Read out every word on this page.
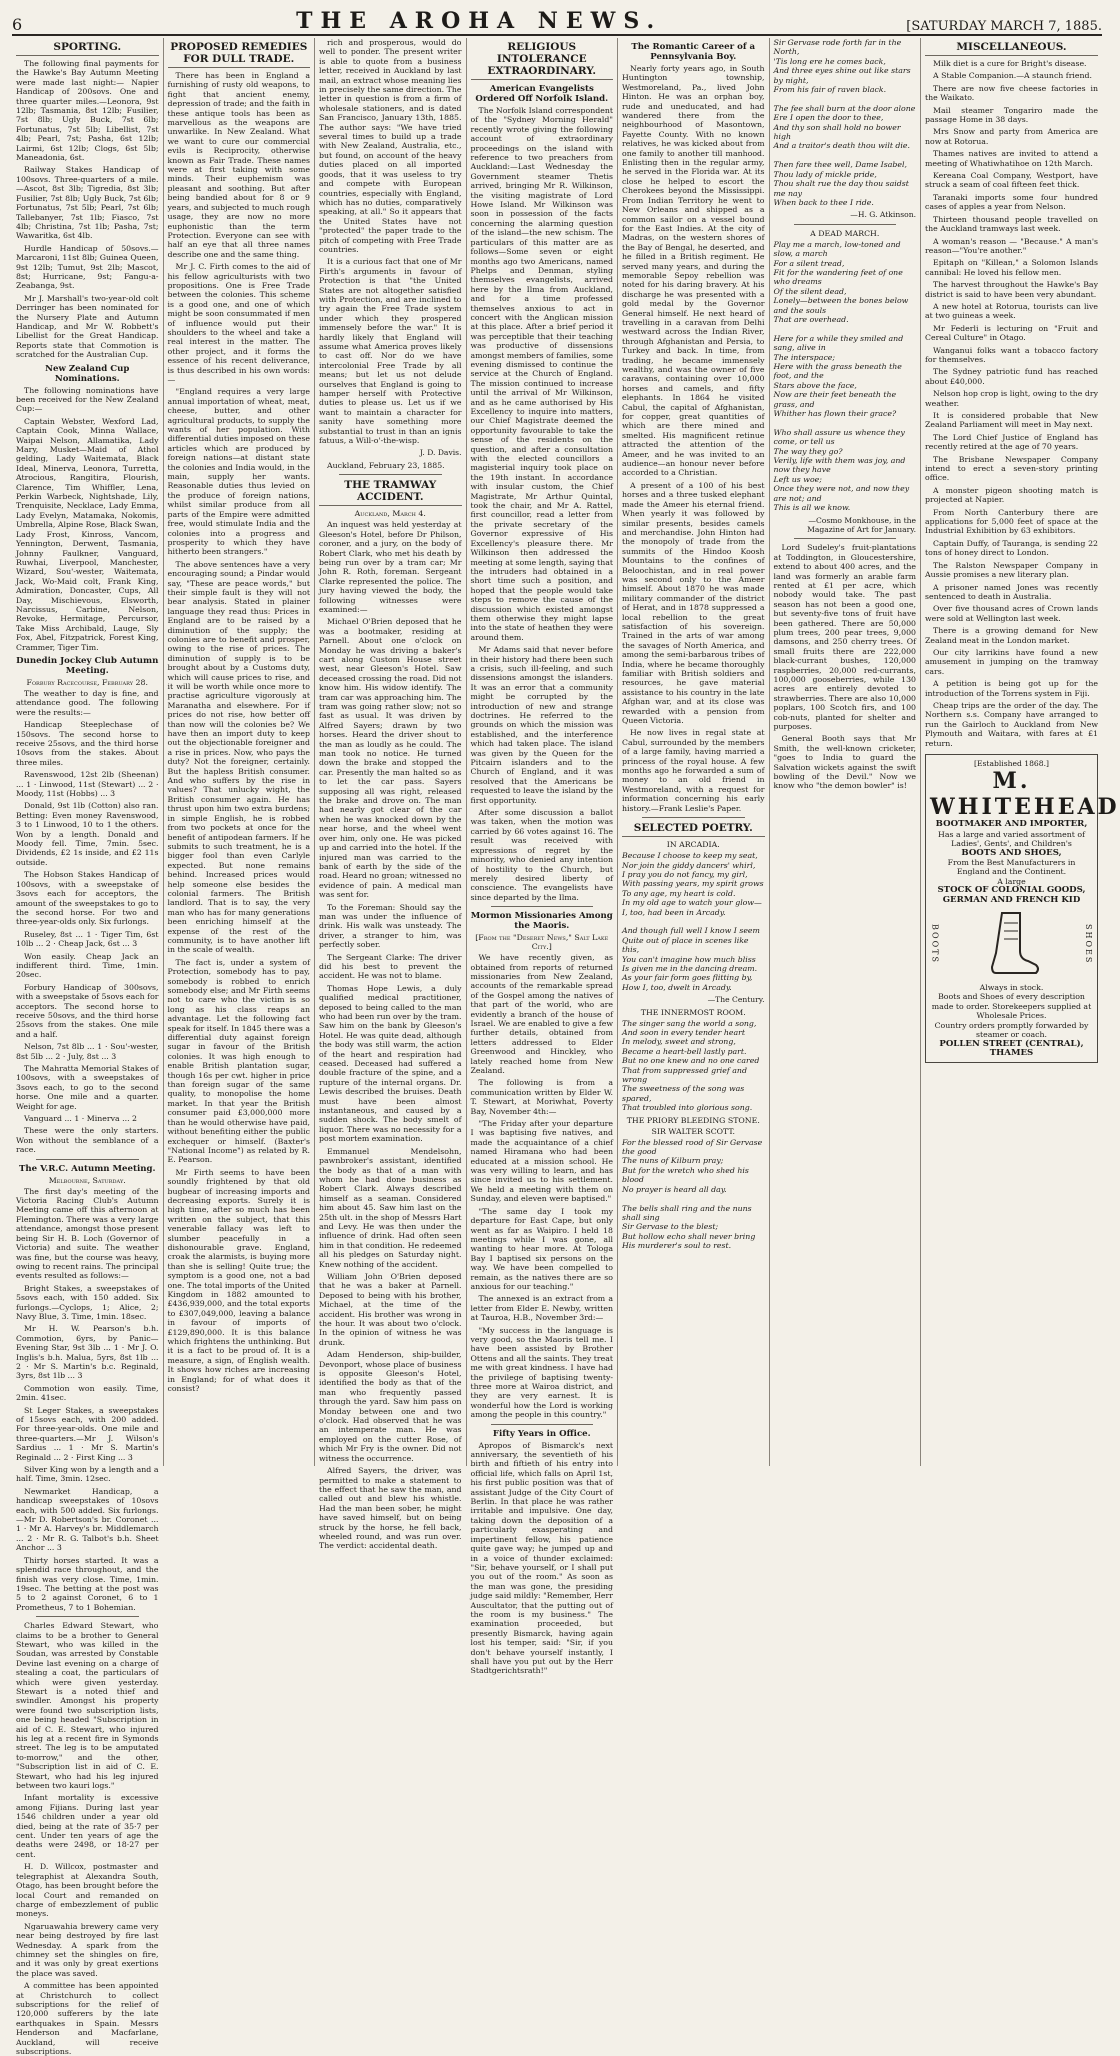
6	THE AROHA NEWS.	[SATURDAY MARCH 7, 1885.
SPORTING.

The following final payments for the Hawke's Bay Autumn Meeting were made last night:— Napier Handicap of 200sovs. One and three quarter miles.—Leonora, 9st 12lb; Tasmania, 8st 12lb; Fusilier, 7st 8lb; Ugly Buck, 7st 6lb; Fortunatus, 7st 5lb; Libellist, 7st 4lb; Pearl, 7st; Pasha, 6st 12lb; Lairmi, 6st 12lb; Clogs, 6st 5lb; Maneadonia, 6st.

Railway Stakes Handicap of 100sovs. Three-quarters of a mile.—Ascot, 8st 3lb; Tigredia, 8st 3lb; Fusilier, 7st 8lb; Ugly Buck, 7st 6lb; Fortunatus, 7st 5lb; Pearl, 7st 6lb; Tallebanyer, 7st 1lb; Fiasco, 7st 4lb; Christina, 7st 1lb; Pasha, 7st; Wawaritka, 6st 4lb.

Hurdle Handicap of 50sovs.—Marcaroni, 11st 8lb; Guinea Queen, 9st 12lb; Tumut, 9st 2lb; Mascot, 8st; Hurricane, 9st; Fangu-a-Zeabanga, 9st.

Mr J. Marshall's two-year-old colt Derringer has been nominated for the Nursery Plate and Autumn Handicap, and Mr W. Robbett's Libellist for the Great Handicap. Reports state that Commotion is scratched for the Australian Cup.

New Zealand Cup Nominations.

The following nominations have been received for the New Zealand Cup:—

Captain Webster, Wexford Lad, Captain Cook, Minna Wallace, Waipai Nelson, Allamatika, Lady Mary, Musket—Maid of Athol gelding, Lady Waitemata, Black Ideal, Minerva, Leonora, Turretta, Atrocious, Rangitira, Flourish, Clarence, Tim Whiffler, Lena, Perkin Warbeck, Nightshade, Lily, Trenquisite, Necklace, Lady Emma, Lady Evelyn, Matamaka, Nokomis, Umbrella, Alpine Rose, Black Swan, Lady Frost, Kinross, Vancom, Yennington, Derwent, Tasmania, Johnny Faulkner, Vanguard, Ruwhai, Liverpool, Manchester, Wizard, Sou'-wester, Waitemata, Jack, Wo-Maid colt, Frank King, Admiration, Doncaster, Cups, All Day, Mischievous, Elsworth, Narcissus, Carbine, Nelson, Revoke, Hermitage, Percursor, Take Miss Archibald, Lauge, Sly Fox, Abel, Fitzpatrick, Forest King, Crammer, Tiger Tim.

Dunedin Jockey Club Autumn Meeting.
Forbury Racecourse, February 28.

The weather to day is fine, and attendance good. The following were the results:—

Handicap Steeplechase of 150sovs. The second horse to receive 25sovs, and the third horse 10sovs from the stakes. About three miles.

Ravenswood, 12st 2lb (Sheenan) ... 1 · Linwood, 11st (Stewart) ... 2 · Moody, 11st (Hobbs) ... 3

Donald, 9st 1lb (Cotton) also ran. Betting: Even money Ravenswood, 3 to 1 Linwood, 10 to 1 the others. Won by a length. Donald and Moody fell. Time, 7min. 5sec. Dividends, £2 1s inside, and £2 11s outside.

The Hobson Stakes Handicap of 100sovs, with a sweepstake of 3sovs each for acceptors, the amount of the sweepstakes to go to the second horse. For two and three-year-olds only. Six furlongs.

Ruseley, 8st ... 1 · Tiger Tim, 6st 10lb ... 2 · Cheap Jack, 6st ... 3

Won easily. Cheap Jack an indifferent third. Time, 1min. 20sec.

Forbury Handicap of 300sovs, with a sweepstake of 5sovs each for acceptors. The second horse to receive 50sovs, and the third horse 25sovs from the stakes. One mile and a half.

Nelson, 7st 8lb ... 1 · Sou'-wester, 8st 5lb ... 2 · July, 8st ... 3

The Mahratta Memorial Stakes of 100sovs, with a sweepstakes of 3sovs each, to go to the second horse. One mile and a quarter. Weight for age.

Vanguard ... 1 · Minerva ... 2

These were the only starters. Won without the semblance of a race.

The V.R.C. Autumn Meeting.
Melbourne, Saturday.

The first day's meeting of the Victoria Racing Club's Autumn Meeting came off this afternoon at Flemington. There was a very large attendance, amongst those present being Sir H. B. Loch (Governor of Victoria) and suite. The weather was fine, but the course was heavy, owing to recent rains. The principal events resulted as follows:—

Bright Stakes, a sweepstakes of 5sovs each, with 150 added. Six furlongs.—Cyclops, 1; Alice, 2; Navy Blue, 3. Time, 1min. 18sec.

Mr H. W. Pearson's b.h. Commotion, 6yrs, by Panic—Evening Star, 9st 3lb ... 1 · Mr J. O. Inglis's b.h. Malua, 5yrs, 8st 1lb ... 2 · Mr S. Martin's b.c. Reginald, 3yrs, 8st 1lb ... 3

Commotion won easily. Time, 2min. 41sec.

St Leger Stakes, a sweepstakes of 15sovs each, with 200 added. For three-year-olds. One mile and three-quarters.—Mr J. Wilson's Sardius ... 1 · Mr S. Martin's Reginald ... 2 · First King ... 3

Silver King won by a length and a half. Time, 3min. 12sec.

Newmarket Handicap, a handicap sweepstakes of 10sovs each, with 500 added. Six furlongs.—Mr D. Robertson's br. Coronet ... 1 · Mr A. Harvey's br. Middlemarch ... 2 · Mr R. G. Talbot's b.h. Sheet Anchor ... 3

Thirty horses started. It was a splendid race throughout, and the finish was very close. Time, 1min. 19sec. The betting at the post was 5 to 2 against Coronet, 6 to 1 Prometheus, 7 to 1 Bohemian.

Charles Edward Stewart, who claims to be a brother to General Stewart, who was killed in the Soudan, was arrested by Constable Devine last evening on a charge of stealing a coat, the particulars of which were given yesterday. Stewart is a noted thief and swindler. Amongst his property were found two subscription lists, one being headed "Subscription in aid of C. E. Stewart, who injured his leg at a recent fire in Symonds street. The leg is to be amputated to-morrow," and the other, "Subscription list in aid of C. E. Stewart, who had his leg injured between two kauri logs."

Infant mortality is excessive among Fijians. During last year 1546 children under a year old died, being at the rate of 35·7 per cent. Under ten years of age the deaths were 2498, or 18·27 per cent.

H. D. Willcox, postmaster and telegraphist at Alexandra South, Otago, has been brought before the local Court and remanded on charge of embezzlement of public moneys.

Ngaruawahia brewery came very near being destroyed by fire last Wednesday. A spark from the chimney set the shingles on fire, and it was only by great exertions the place was saved.

A committee has been appointed at Christchurch to collect subscriptions for the relief of 120,000 sufferers by the late earthquakes in Spain. Messrs Henderson and Macfarlane, Auckland, will receive subscriptions.

PROPOSED REMEDIES FOR DULL TRADE.

There has been in England a furnishing of rusty old weapons, to fight that ancient enemy, depression of trade; and the faith in these antique tools has been as marvellous as the weapons are unwarlike. In New Zealand. What we want to cure our commercial evils is Reciprocity, otherwise known as Fair Trade. These names were at first taking with some minds. Their euphemism was pleasant and soothing. But after being bandied about for 8 or 9 years, and subjected to much rough usage, they are now no more euphonistic than the term Protection. Everyone can see with half an eye that all three names describe one and the same thing.

Mr J. C. Firth comes to the aid of his fellow agriculturists with two propositions. One is Free Trade between the colonies. This scheme is a good one, and one of which might be soon consummated if men of influence would put their shoulders to the wheel and take a real interest in the matter. The other project, and it forms the essence of his recent deliverance, is thus described in his own words:—

"England requires a very large annual importation of wheat, meat, cheese, butter, and other agricultural products, to supply the wants of her population. With differential duties imposed on these articles which are produced by foreign nations—at distant state the colonies and India would, in the main, supply her wants. Reasonable duties thus levied on the produce of foreign nations, whilst similar produce from all parts of the Empire were admitted free, would stimulate India and the colonies into a progress and prosperity to which they have hitherto been strangers."

The above sentences have a very encouraging sound; a Pindar would say, "These are peace words," but their simple fault is they will not bear analysis. Stated in plainer language they read thus: Prices in England are to be raised by a diminution of the supply; the colonies are to benefit and prosper, owing to the rise of prices. The diminution of supply is to be brought about by a Customs duty, which will cause prices to rise, and it will be worth while once more to practise agriculture vigorously at Maranatha and elsewhere. For if prices do not rise, how better off than now will the colonies be? We have then an import duty to keep out the objectionable foreigner and a rise in prices. Now, who pays the duty? Not the foreigner, certainly. But the hapless British consumer. And who suffers by the rise in values? That unlucky wight, the British consumer again. He has thrust upon him two extra burdens; in simple English, he is robbed from two pockets at once for the benefit of antipodean farmers. If he submits to such treatment, he is a bigger fool than even Carlyle expected. But none remains behind. Increased prices would help someone else besides the colonial farmers. The British landlord. That is to say, the very man who has for many generations been enriching himself at the expense of the rest of the community, is to have another lift in the scale of wealth.

The fact is, under a system of Protection, somebody has to pay, somebody is robbed to enrich somebody else; and Mr Firth seems not to care who the victim is so long as his class reaps an advantage. Let the following fact speak for itself. In 1845 there was a differential duty against foreign sugar in favour of the British colonies. It was high enough to enable British plantation sugar, though 16s per cwt. higher in price than foreign sugar of the same quality, to monopolise the home market. In that year the British consumer paid £3,000,000 more than he would otherwise have paid, without benefiting either the public exchequer or himself. (Baxter's "National Income") as related by R. E. Pearson.

Mr Firth seems to have been soundly frightened by that old bugbear of increasing imports and decreasing exports. Surely it is high time, after so much has been written on the subject, that this venerable fallacy was left to slumber peacefully in a dishonourable grave. England, croak the alarmists, is buying more than she is selling! Quite true; the symptom is a good one, not a bad one. The total imports of the United Kingdom in 1882 amounted to £436,939,000, and the total exports to £307,049,000, leaving a balance in favour of imports of £129,890,000. It is this balance which frightens the unthinking. But it is a fact to be proud of. It is a measure, a sign, of English wealth. It shows how riches are increasing in England; for of what does it consist?

rich and prosperous, would do well to ponder. The present writer is able to quote from a business letter, received in Auckland by last mail, an extract whose meaning lies in precisely the same direction. The letter in question is from a firm of wholesale stationers, and is dated San Francisco, January 13th, 1885. The author says: "We have tried several times to build up a trade with New Zealand, Australia, etc., but found, on account of the heavy duties placed on all imported goods, that it was useless to try and compete with European countries, especially with England, which has no duties, comparatively speaking, at all." So it appears that the United States have not "protected" the paper trade to the pitch of competing with Free Trade countries.

It is a curious fact that one of Mr Firth's arguments in favour of Protection is that "the United States are not altogether satisfied with Protection, and are inclined to try again the Free Trade system under which they prospered immensely before the war." It is hardly likely that England will assume what America proves likely to cast off. Nor do we have intercolonial Free Trade by all means; but let us not delude ourselves that England is going to hamper herself with Protective duties to please us. Let us if we want to maintain a character for sanity have something more substantial to trust in than an ignis fatuus, a Will-o'-the-wisp.

J. D. Davis.

Auckland, February 23, 1885.

THE TRAMWAY ACCIDENT.
Auckland, March 4.

An inquest was held yesterday at Gleeson's Hotel, before Dr Philson, coroner, and a jury, on the body of Robert Clark, who met his death by being run over by a tram car; Mr John R. Roth, foreman. Sergeant Clarke represented the police. The jury having viewed the body, the following witnesses were examined:—

Michael O'Brien deposed that he was a bootmaker, residing at Parnell. About one o'clock on Monday he was driving a baker's cart along Custom House street west, near Gleeson's Hotel. Saw deceased crossing the road. Did not know him. His widow identify. The tram car was approaching him. The tram was going rather slow; not so fast as usual. It was driven by Alfred Sayers; drawn by two horses. Heard the driver shout to the man as loudly as he could. The man took no notice. He turned down the brake and stopped the car. Presently the man halted so as to let the car pass. Sayers supposing all was right, released the brake and drove on. The man had nearly got clear of the car when he was knocked down by the near horse, and the wheel went over him, only one. He was picked up and carried into the hotel. If the injured man was carried to the bank of earth by the side of the road. Heard no groan; witnessed no evidence of pain. A medical man was sent for.

To the Foreman: Should say the man was under the influence of drink. His walk was unsteady. The driver, a stranger to him, was perfectly sober.

The Sergeant Clarke: The driver did his best to prevent the accident. He was not to blame.

Thomas Hope Lewis, a duly qualified medical practitioner, deposed to being called to the man who had been run over by the tram. Saw him on the bank by Gleeson's Hotel. He was quite dead, although the body was still warm, the action of the heart and respiration had ceased. Deceased had suffered a double fracture of the spine, and a rupture of the internal organs. Dr. Lewis described the bruises. Death must have been almost instantaneous, and caused by a sudden shock. The body smelt of liquor. There was no necessity for a post mortem examination.

Emmanuel Mendelsohn, pawnbroker's assistant, identified the body as that of a man with whom he had done business as Robert Clark. Always described himself as a seaman. Considered him about 45. Saw him last on the 25th ult. in the shop of Messrs Hart and Levy. He was then under the influence of drink. Had often seen him in that condition. He redeemed all his pledges on Saturday night. Knew nothing of the accident.

William John O'Brien deposed that he was a baker at Parnell. Deposed to being with his brother, Michael, at the time of the accident. His brother was wrong in the hour. It was about two o'clock. In the opinion of witness he was drunk.

Adam Henderson, ship-builder, Devonport, whose place of business is opposite Gleeson's Hotel, identified the body as that of the man who frequently passed through the yard. Saw him pass on Monday between one and two o'clock. Had observed that he was an intemperate man. He was employed on the cutter Rose, of which Mr Fry is the owner. Did not witness the occurrence.

Alfred Sayers, the driver, was permitted to make a statement to the effect that he saw the man, and called out and blew his whistle. Had the man been sober, he might have saved himself, but on being struck by the horse, he fell back, wheeled round, and was run over. The verdict: accidental death.

RELIGIOUS INTOLERANCE EXTRAORDINARY.
American Evangelists Ordered Off Norfolk Island.

The Norfolk Island correspondent of the "Sydney Morning Herald" recently wrote giving the following account of extraordinary proceedings on the island with reference to two preachers from Auckland:—Last Wednesday the Government steamer Thetis arrived, bringing Mr R. Wilkinson, the visiting magistrate of Lord Howe Island. Mr Wilkinson was soon in possession of the facts concerning the alarming question of the island—the new schism. The particulars of this matter are as follows—Some seven or eight months ago two Americans, named Phelps and Denman, styling themselves evangelists, arrived here by the Ilma from Auckland, and for a time professed themselves anxious to act in concert with the Anglican mission at this place. After a brief period it was perceptible that their teaching was productive of dissensions amongst members of families, some evening dismissed to continue the service at the Church of England. The mission continued to increase until the arrival of Mr Wilkinson, and as he came authorised by His Excellency to inquire into matters, our Chief Magistrate deemed the opportunity favourable to take the sense of the residents on the question, and after a consultation with the elected councillors a magisterial inquiry took place on the 19th instant. In accordance with insular custom, the Chief Magistrate, Mr Arthur Quintal, took the chair, and Mr A. Rattel, first councillor, read a letter from the private secretary of the Governor expressive of His Excellency's pleasure there. Mr Wilkinson then addressed the meeting at some length, saying that the intruders had obtained in a short time such a position, and hoped that the people would take steps to remove the cause of the discussion which existed amongst them otherwise they might lapse into the state of heathen they were around them.

Mr Adams said that never before in their history had there been such a crisis, such ill-feeling, and such dissensions amongst the islanders. It was an error that a community might be corrupted by the introduction of new and strange doctrines. He referred to the grounds on which the mission was established, and the interference which had taken place. The island was given by the Queen for the Pitcairn islanders and to the Church of England, and it was resolved that the Americans be requested to leave the island by the first opportunity.

After some discussion a ballot was taken, when the motion was carried by 66 votes against 16. The result was received with expressions of regret by the minority, who denied any intention of hostility to the Church, but merely desired liberty of conscience. The evangelists have since departed by the Ilma.

Mormon Missionaries Among the Maoris.
[From the "Deseret News," Salt Lake City.]

We have recently given, as obtained from reports of returned missionaries from New Zealand, accounts of the remarkable spread of the Gospel among the natives of that part of the world, who are evidently a branch of the house of Israel. We are enabled to give a few further details, obtained from letters addressed to Elder Greenwood and Hinckley, who lately reached home from New Zealand.

The following is from a communication written by Elder W. T. Stewart, at Moriwhat, Poverty Bay, November 4th:—

"The Friday after your departure I was baptising five natives, and made the acquaintance of a chief named Hiramana who had been educated at a mission school. He was very willing to learn, and has since invited us to his settlement. We held a meeting with them on Sunday, and eleven were baptised."

"The same day I took my departure for East Cape, but only went as far as Waipiro. I held 18 meetings while I was gone, all wanting to hear more. At Tologa Bay I baptised six persons on the way. We have been compelled to remain, as the natives there are so anxious for our teaching."

The annexed is an extract from a letter from Elder E. Newby, written at Tauroa, H.B., November 3rd:—

"My success in the language is very good, so the Maoris tell me. I have been assisted by Brother Ottens and all the saints. They treat me with great kindness. I have had the privilege of baptising twenty-three more at Wairoa district, and they are very earnest. It is wonderful how the Lord is working among the people in this country."

Fifty Years in Office.

Apropos of Bismarck's next anniversary, the seventieth of his birth and fiftieth of his entry into official life, which falls on April 1st, his first public position was that of assistant Judge of the City Court of Berlin. In that place he was rather irritable and impulsive. One day, taking down the deposition of a particularly exasperating and impertinent fellow, his patience quite gave way; he jumped up and in a voice of thunder exclaimed: "Sir, behave yourself, or I shall put you out of the room." As soon as the man was gone, the presiding judge said mildly: "Remember, Herr Auscultator, that the putting out of the room is my business." The examination proceeded, but presently Bismarck, having again lost his temper, said: "Sir, if you don't behave yourself instantly, I shall have you put out by the Herr Stadtgerichtsrath!"

The Romantic Career of a Pennsylvania Boy.

Nearly forty years ago, in South Huntington township, Westmoreland, Pa., lived John Hinton. He was an orphan boy, rude and uneducated, and had wandered there from the neighbourhood of Masontown, Fayette County. With no known relatives, he was kicked about from one family to another till manhood. Enlisting then in the regular army, he served in the Florida war. At its close he helped to escort the Cherokees beyond the Mississippi. From Indian Territory he went to New Orleans and shipped as a common sailor on a vessel bound for the East Indies. At the city of Madras, on the western shores of the Bay of Bengal, he deserted, and he filled in a British regiment. He served many years, and during the memorable Sepoy rebellion was noted for his daring bravery. At his discharge he was presented with a gold medal by the Governor General himself. He next heard of travelling in a caravan from Delhi westward across the Indian River, through Afghanistan and Persia, to Turkey and back. In time, from trading, he became immensely wealthy, and was the owner of five caravans, containing over 10,000 horses and camels, and fifty elephants. In 1864 he visited Cabul, the capital of Afghanistan, for copper, great quantities of which are there mined and smelted. His magnificent retinue attracted the attention of the Ameer, and he was invited to an audience—an honour never before accorded to a Christian.

A present of a 100 of his best horses and a three tusked elephant made the Ameer his eternal friend. When yearly it was followed by similar presents, besides camels and merchandise. John Hinton had the monopoly of trade from the summits of the Hindoo Koosh Mountains to the confines of Beloochistan, and in real power was second only to the Ameer himself. About 1870 he was made military commander of the district of Herat, and in 1878 suppressed a local rebellion to the great satisfaction of his sovereign. Trained in the arts of war among the savages of North America, and among the semi-barbarous tribes of India, where he became thoroughly familiar with British soldiers and resources, he gave material assistance to his country in the late Afghan war, and at its close was rewarded with a pension from Queen Victoria.

He now lives in regal state at Cabul, surrounded by the members of a large family, having married a princess of the royal house. A few months ago he forwarded a sum of money to an old friend in Westmoreland, with a request for information concerning his early history.—Frank Leslie's Paper.

SELECTED POETRY.
IN ARCADIA.

Because I choose to keep my seat,
Nor join the giddy dancers' whirl,
I pray you do not fancy, my girl,
With passing years, my spirit grows
To any age, my heart is cold.
In my old age to watch your glow—
I, too, had been in Arcady.

And though full well I know I seem
Quite out of place in scenes like this,
You can't imagine how much bliss
Is given me in the dancing dream.
As your fair form goes flitting by,
How I, too, dwelt in Arcady.

—The Century.

THE INNERMOST ROOM.

The singer sang the world a song,
And soon in every tender heart
In melody, sweet and strong,
Became a heart-bell lastly part.
But no one knew and no one cared
That from suppressed grief and wrong
The sweetness of the song was spared,
That troubled into glorious song.

THE PRIORY BLEEDING STONE.
SIR WALTER SCOTT.

For the blessed rood of Sir Gervase the good
The nuns of Kilburn pray;
But for the wretch who shed his blood
No prayer is heard all day.

The bells shall ring and the nuns shall sing
Sir Gervase to the blest;
But hollow echo shall never bring
His murderer's soul to rest.

Sir Gervase rode forth far in the North,
'Tis long ere he comes back,
And three eyes shine out like stars by night,
From his fair of raven black.

The fee shall burn at the door alone
Ere I open the door to thee,
And thy son shall hold no bower high
And a traitor's death thou wilt die.

Then fare thee well, Dame Isabel,
Thou lady of mickle pride,
Thou shalt rue the day thou saidst me nay
When back to thee I ride.

—H. G. Atkinson.

A DEAD MARCH.

Play me a march, low-toned and slow, a march
For a silent tread,
Fit for the wandering feet of one who dreams
Of the silent dead,
Lonely—between the bones below and the souls
That are overhead.

Here for a while they smiled and sang, alive in
The interspace;
Here with the grass beneath the foot, and the
Stars above the face,
Now are their feet beneath the grass, and
Whither has flown their grace?

Who shall assure us whence they come, or tell us
The way they go?
Verily, life with them was joy, and now they have
Left us woe;
Once they were not, and now they are not; and
This is all we know.

—Cosmo Monkhouse, in the Magazine of Art for January.

Lord Sudeley's fruit-plantations at Toddington, in Gloucestershire, extend to about 400 acres, and the land was formerly an arable farm rented at £1 per acre, which nobody would take. The past season has not been a good one, but seventy-five tons of fruit have been gathered. There are 50,000 plum trees, 200 pear trees, 9,000 damsons, and 250 cherry trees. Of small fruits there are 222,000 black-currant bushes, 120,000 raspberries, 20,000 red-currants, 100,000 gooseberries, while 130 acres are entirely devoted to strawberries. There are also 10,000 poplars, 100 Scotch firs, and 100 cob-nuts, planted for shelter and purposes.

General Booth says that Mr Smith, the well-known cricketer, "goes to India to guard the Salvation wickets against the swift bowling of the Devil." Now we know who "the demon bowler" is!

MISCELLANEOUS.

Milk diet is a cure for Bright's disease.

A Stable Companion.—A staunch friend.

There are now five cheese factories in the Waikato.

Mail steamer Tongariro made the passage Home in 38 days.

Mrs Snow and party from America are now at Rotorua.

Thames natives are invited to attend a meeting of Whatiwhatihoe on 12th March.

Kereana Coal Company, Westport, have struck a seam of coal fifteen feet thick.

Taranaki imports some four hundred cases of apples a year from Nelson.

Thirteen thousand people travelled on the Auckland tramways last week.

A woman's reason — "Because." A man's reason—"You're another."

Epitaph on "Killean," a Solomon Islands cannibal: He loved his fellow men.

The harvest throughout the Hawke's Bay district is said to have been very abundant.

A new hotel at Rotorua, tourists can live at two guineas a week.

Mr Federli is lecturing on "Fruit and Cereal Culture" in Otago.

Wanganui folks want a tobacco factory for themselves.

The Sydney patriotic fund has reached about £40,000.

Nelson hop crop is light, owing to the dry weather.

It is considered probable that New Zealand Parliament will meet in May next.

The Lord Chief Justice of England has recently retired at the age of 70 years.

The Brisbane Newspaper Company intend to erect a seven-story printing office.

A monster pigeon shooting match is projected at Napier.

From North Canterbury there are applications for 5,000 feet of space at the Industrial Exhibition by 63 exhibitors.

Captain Duffy, of Tauranga, is sending 22 tons of honey direct to London.

The Ralston Newspaper Company in Aussie promises a new literary plan.

A prisoner named Jones was recently sentenced to death in Australia.

Over five thousand acres of Crown lands were sold at Wellington last week.

There is a growing demand for New Zealand meat in the London market.

Our city larrikins have found a new amusement in jumping on the tramway cars.

A petition is being got up for the introduction of the Torrens system in Fiji.

Cheap trips are the order of the day. The Northern s.s. Company have arranged to run the Gairloch to Auckland from New Plymouth and Waitara, with fares at £1 return.

[Established 1868.]
M. WHITEHEAD
BOOTMAKER AND IMPORTER,
Has a large and varied assortment of Ladies', Gents', and Children's
BOOTS AND SHOES,
From the Best Manufacturers in England and the Continent.
A large
STOCK OF COLONIAL GOODS,
GERMAN AND FRENCH KID
BOOTS	SHOES
Always in stock.
Boots and Shoes of every description made to order. Storekeepers supplied at Wholesale Prices.
Country orders promptly forwarded by steamer or coach.
POLLEN STREET (CENTRAL), THAMES
